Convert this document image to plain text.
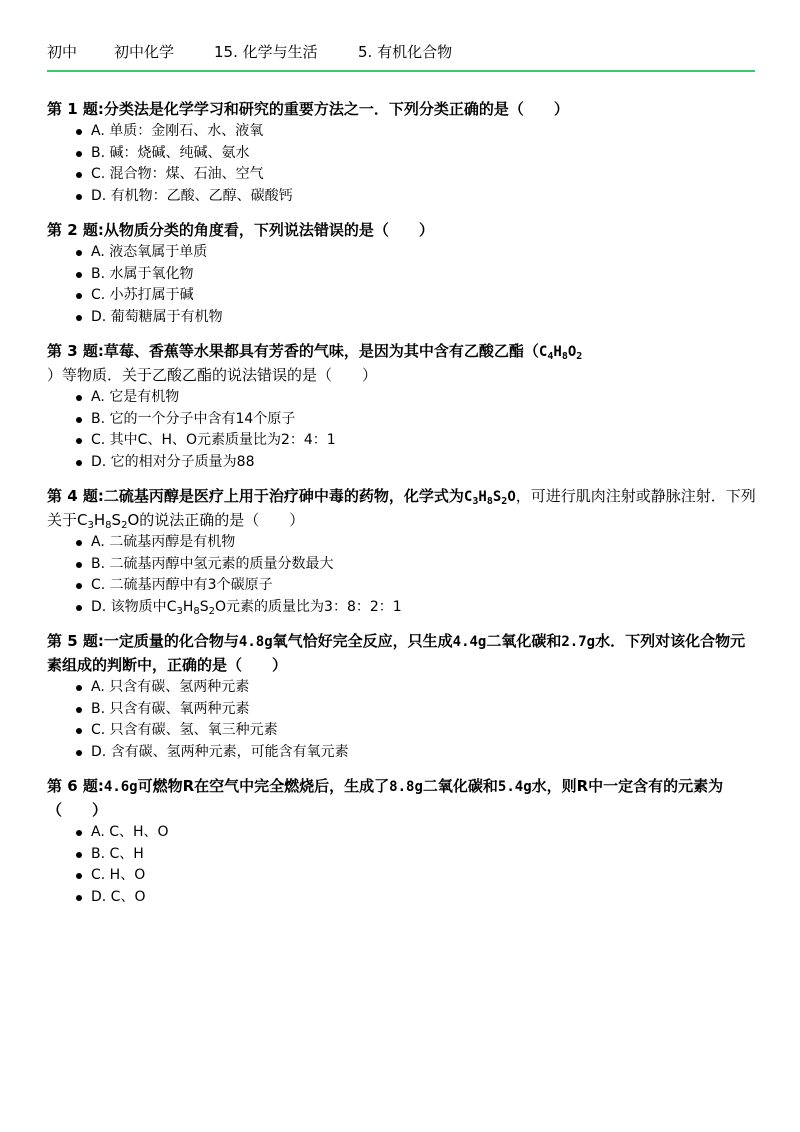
初中 初中化学	15. 化学与生活	5. 有机化合物

第 1 题:分类法是化学学习和研究的重要方法之一．下列分类正确的是（　　）

A. 单质：金刚石、水、液氧
B. 碱：烧碱、纯碱、氨水
C. 混合物：煤、石油、空气
D. 有机物：乙酸、乙醇、碳酸钙

第 2 题:从物质分类的角度看，下列说法错误的是（　　）

A. 液态氧属于单质
B. 水属于氧化物
C. 小苏打属于碱
D. 葡萄糖属于有机物

第 3 题:草莓、香蕉等水果都具有芳香的气味，是因为其中含有乙酸乙酯（$C_4H_8O_2$
）等物质．关于乙酸乙酯的说法错误的是（　　）

A. 它是有机物
B. 它的一个分子中含有14个原子
C. 其中C、H、O元素质量比为2：4：1
D. 它的相对分子质量为88

第 4 题:二硫基丙醇是医疗上用于治疗砷中毒的药物，化学式为$C_3H_8S_2O$，可进行肌肉注射或静脉注射．下列关于$C_3H_8S_2O$的说法正确的是（　　）

A. 二硫基丙醇是有机物
B. 二硫基丙醇中氢元素的质量分数最大
C. 二硫基丙醇中有3个碳原子
D. 该物质中$C_3H_8S_2O$元素的质量比为3：8：2：1

第 5 题:一定质量的化合物与4.8g氧气恰好完全反应，只生成4.4g二氧化碳和2.7g水．下列对该化合物元素组成的判断中，正确的是（　　）

A. 只含有碳、氢两种元素
B. 只含有碳、氧两种元素
C. 只含有碳、氢、氧三种元素
D. 含有碳、氢两种元素，可能含有氧元素

第 6 题:4.6g可燃物R在空气中完全燃烧后，生成了8.8g二氧化碳和5.4g水，则R中一定含有的元素为（　　）

A. C、H、O
B. C、H
C. H、O
D. C、O
